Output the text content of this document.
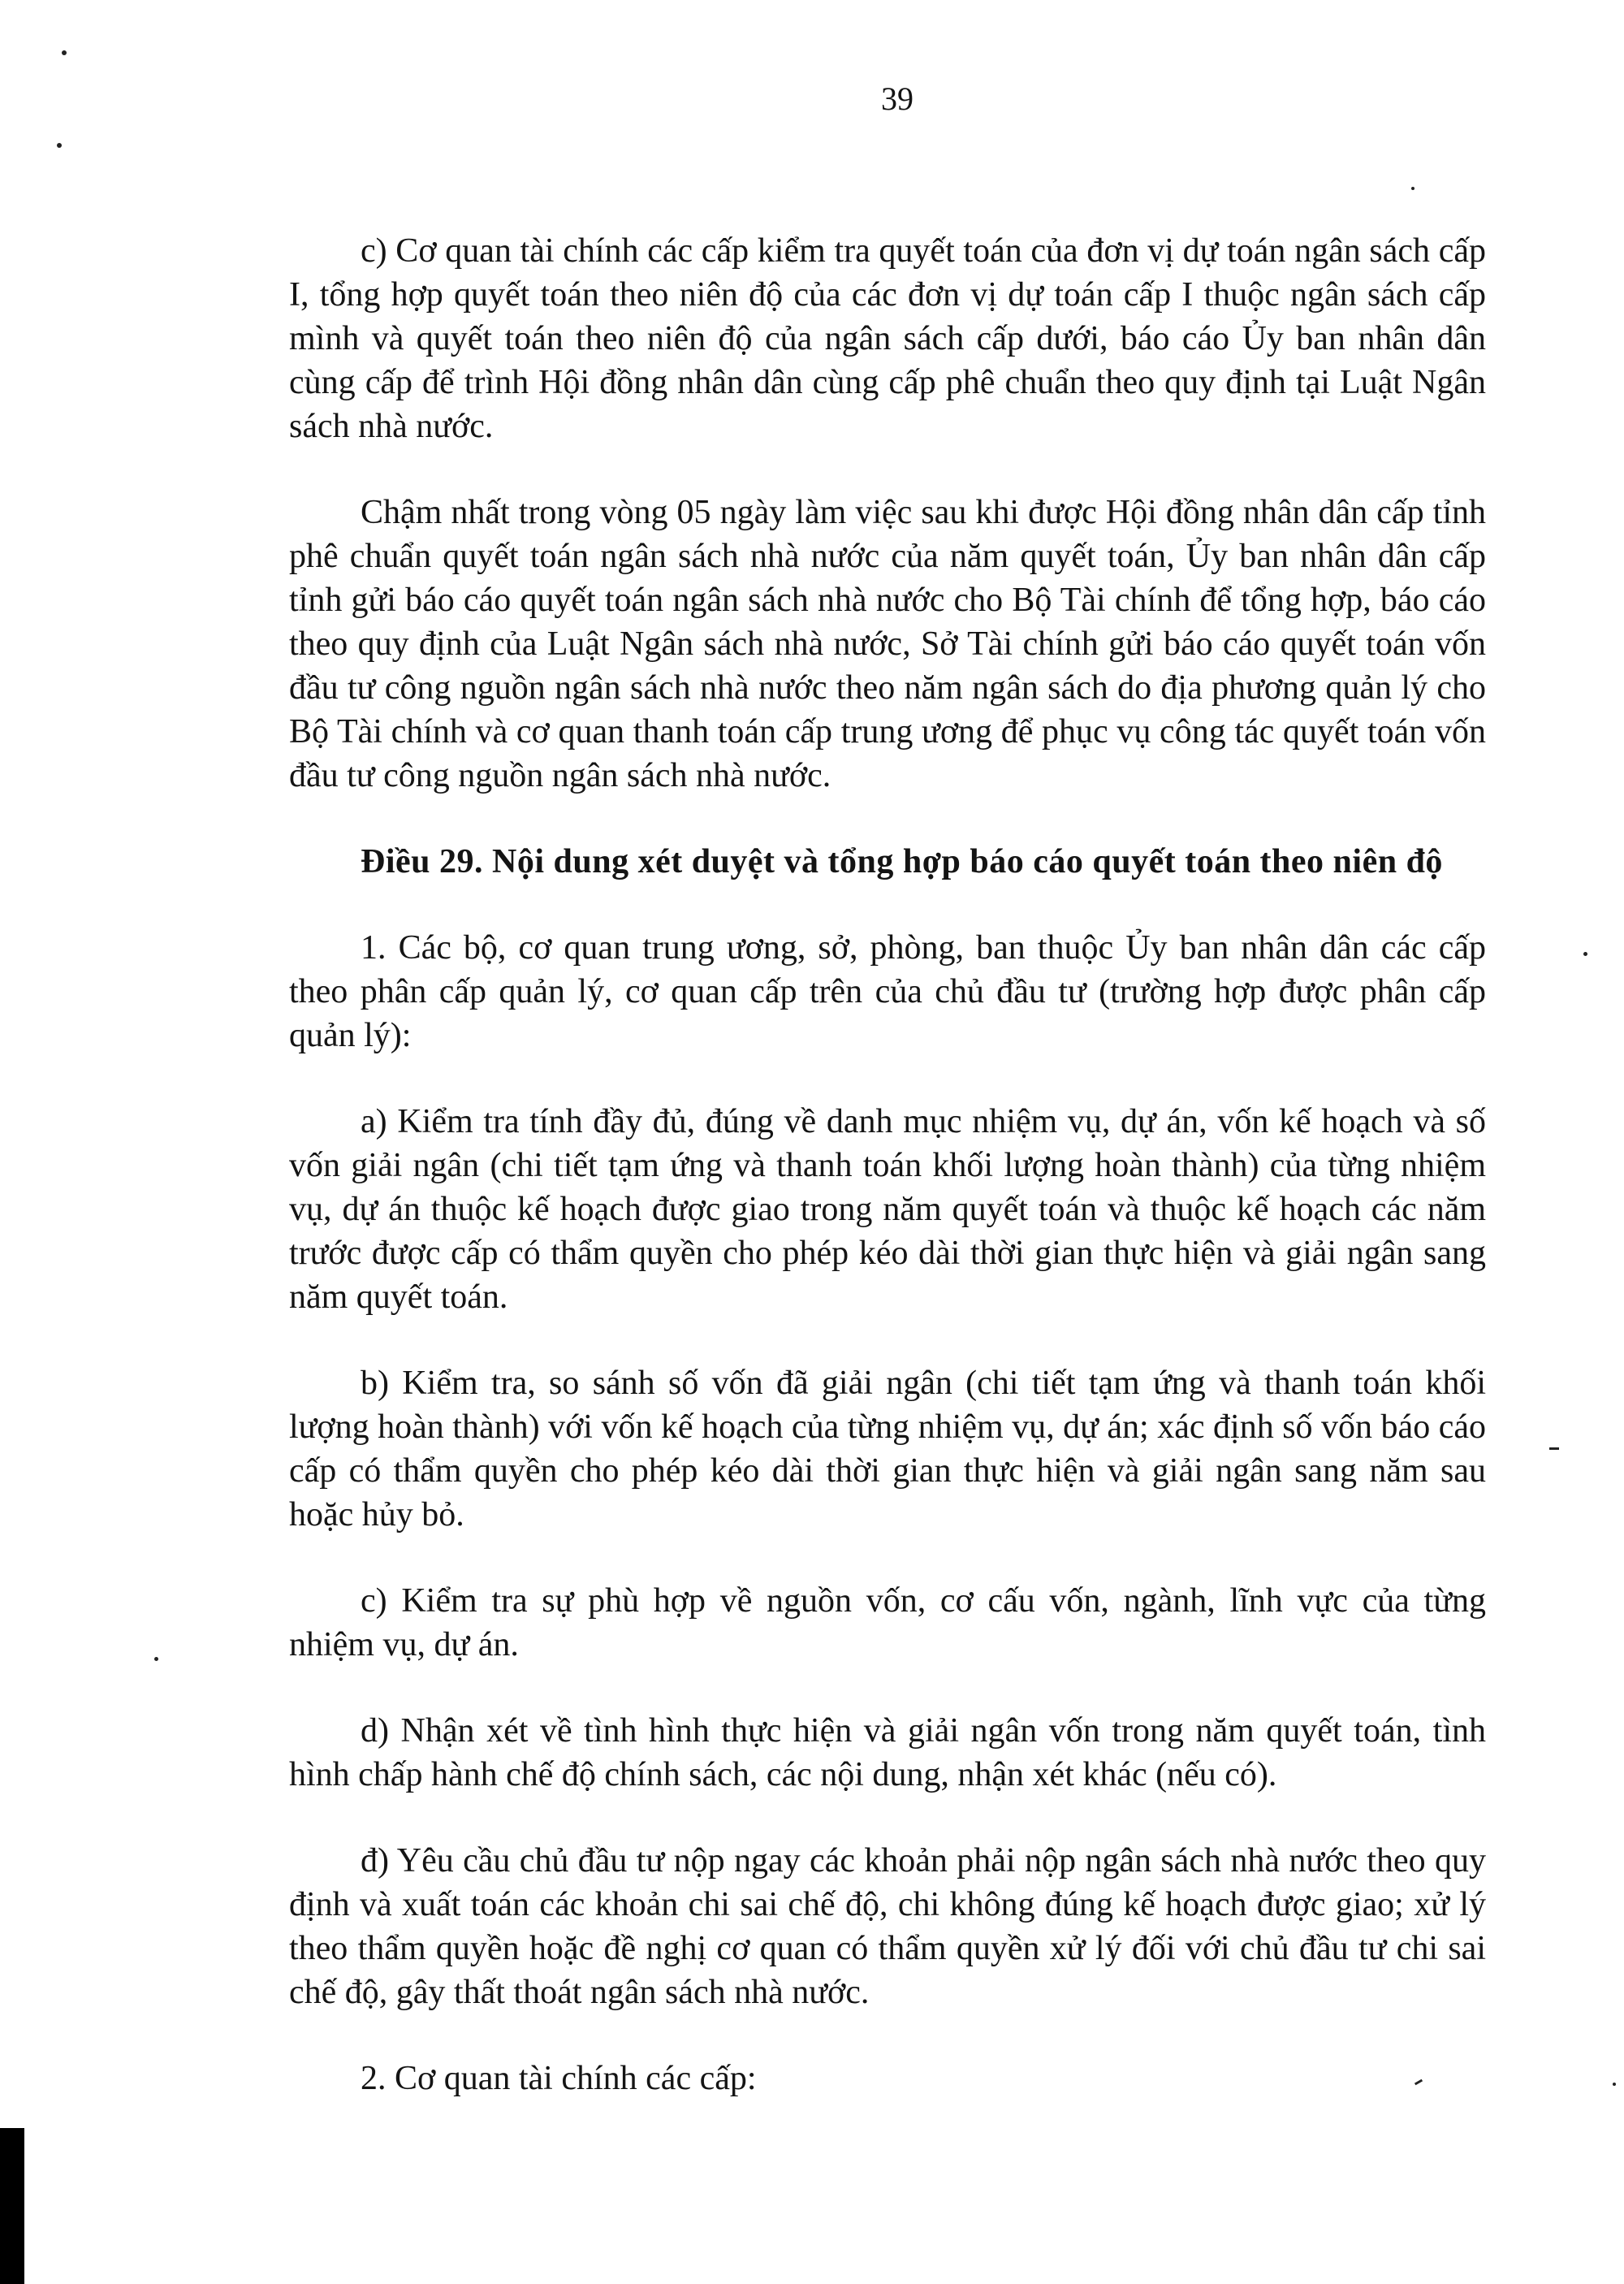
39

c) Cơ quan tài chính các cấp kiểm tra quyết toán của đơn vị dự toán ngân sách cấp I, tổng hợp quyết toán theo niên độ của các đơn vị dự toán cấp I thuộc ngân sách cấp mình và quyết toán theo niên độ của ngân sách cấp dưới, báo cáo Ủy ban nhân dân cùng cấp để trình Hội đồng nhân dân cùng cấp phê chuẩn theo quy định tại Luật Ngân sách nhà nước.

Chậm nhất trong vòng 05 ngày làm việc sau khi được Hội đồng nhân dân cấp tỉnh phê chuẩn quyết toán ngân sách nhà nước của năm quyết toán, Ủy ban nhân dân cấp tỉnh gửi báo cáo quyết toán ngân sách nhà nước cho Bộ Tài chính để tổng hợp, báo cáo theo quy định của Luật Ngân sách nhà nước, Sở Tài chính gửi báo cáo quyết toán vốn đầu tư công nguồn ngân sách nhà nước theo năm ngân sách do địa phương quản lý cho Bộ Tài chính và cơ quan thanh toán cấp trung ương để phục vụ công tác quyết toán vốn đầu tư công nguồn ngân sách nhà nước.

Điều 29. Nội dung xét duyệt và tổng hợp báo cáo quyết toán theo niên độ

1. Các bộ, cơ quan trung ương, sở, phòng, ban thuộc Ủy ban nhân dân các cấp theo phân cấp quản lý, cơ quan cấp trên của chủ đầu tư (trường hợp được phân cấp quản lý):

a) Kiểm tra tính đầy đủ, đúng về danh mục nhiệm vụ, dự án, vốn kế hoạch và số vốn giải ngân (chi tiết tạm ứng và thanh toán khối lượng hoàn thành) của từng nhiệm vụ, dự án thuộc kế hoạch được giao trong năm quyết toán và thuộc kế hoạch các năm trước được cấp có thẩm quyền cho phép kéo dài thời gian thực hiện và giải ngân sang năm quyết toán.

b) Kiểm tra, so sánh số vốn đã giải ngân (chi tiết tạm ứng và thanh toán khối lượng hoàn thành) với vốn kế hoạch của từng nhiệm vụ, dự án; xác định số vốn báo cáo cấp có thẩm quyền cho phép kéo dài thời gian thực hiện và giải ngân sang năm sau hoặc hủy bỏ.

c) Kiểm tra sự phù hợp về nguồn vốn, cơ cấu vốn, ngành, lĩnh vực của từng nhiệm vụ, dự án.

d) Nhận xét về tình hình thực hiện và giải ngân vốn trong năm quyết toán, tình hình chấp hành chế độ chính sách, các nội dung, nhận xét khác (nếu có).

đ) Yêu cầu chủ đầu tư nộp ngay các khoản phải nộp ngân sách nhà nước theo quy định và xuất toán các khoản chi sai chế độ, chi không đúng kế hoạch được giao; xử lý theo thẩm quyền hoặc đề nghị cơ quan có thẩm quyền xử lý đối với chủ đầu tư chi sai chế độ, gây thất thoát ngân sách nhà nước.

2. Cơ quan tài chính các cấp:
